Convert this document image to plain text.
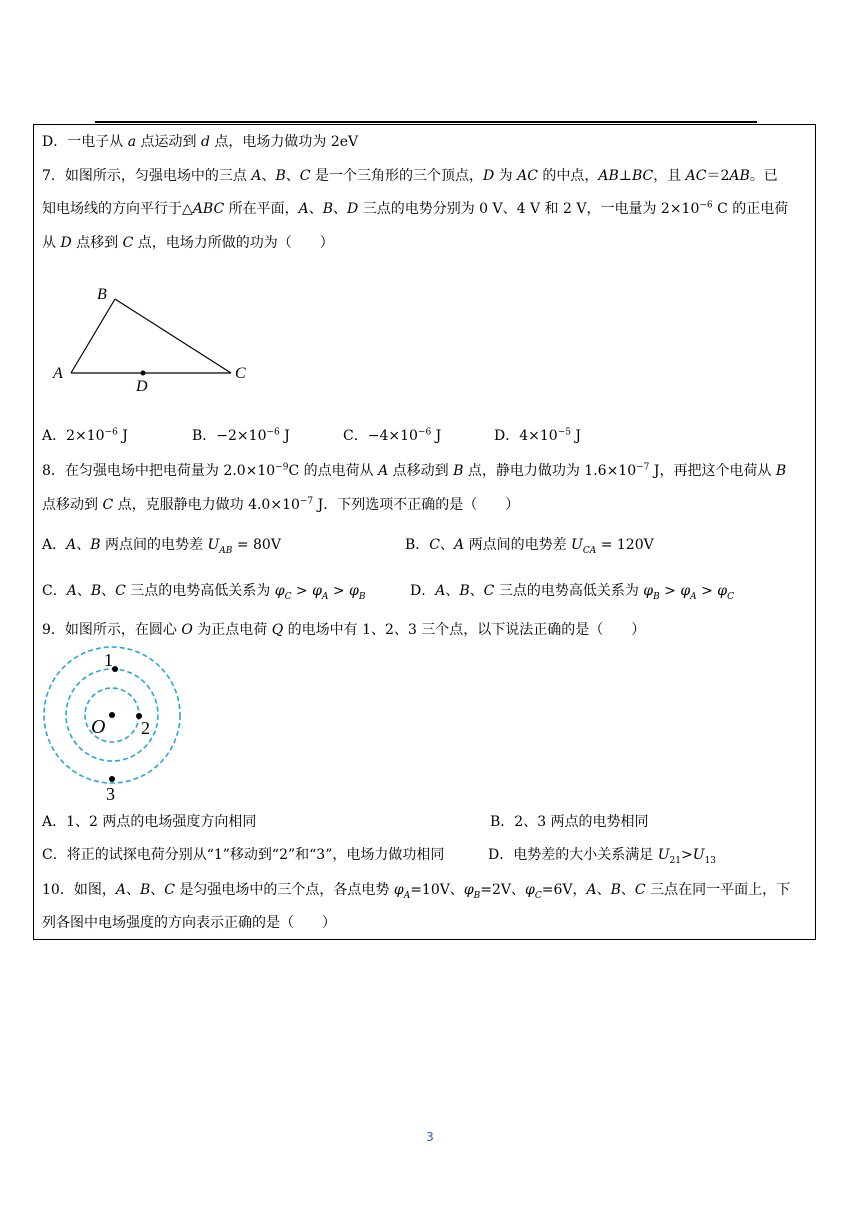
D．一电子从 a 点运动到 d 点，电场力做功为 2eV
7．如图所示，匀强电场中的三点 A、B、C 是一个三角形的三个顶点，D 为 AC 的中点，AB⊥BC，且 AC＝2AB。已
知电场线的方向平行于△ABC 所在平面，A、B、D 三点的电势分别为 0 V、4 V 和 2 V，一电量为 $2\times 10^{-6}$ C 的正电荷
从 D 点移到 C 点，电场力所做的功为（　　）
B
A	C
D
A．$2\times 10^{-6}$ J	B．$-2\times 10^{-6}$ J	C．$-4\times 10^{-6}$ J	D．$4\times 10^{-5}$ J
8．在匀强电场中把电荷量为 $2.0\times 10^{-9}C$ 的点电荷从 A 点移动到 B 点，静电力做功为 $1.6\times 10^{-7}$ J，再把这个电荷从 B
点移动到 C 点，克服静电力做功 $4.0\times 10^{-7}$ J．下列选项不正确的是（　　）
A．A、B 两点间的电势差 $U_{AB} = 80V$	B．C、A 两点间的电势差 $U_{CA} = 120V$
C．A、B、C 三点的电势高低关系为 $\varphi_C > \varphi_A > \varphi_B$	D．A、B、C 三点的电势高低关系为 $\varphi_B > \varphi_A > \varphi_C$
9．如图所示，在圆心 O 为正点电荷 Q 的电场中有 1、2、3 三个点，以下说法正确的是（　　）
1
O 2
3
A．1、2 两点的电场强度方向相同	B．2、3 两点的电势相同
C．将正的试探电荷分别从“1”移动到“2”和“3”，电场力做功相同	D．电势差的大小关系满足 $U_{21}>U_{13}$
10．如图，A、B、C 是匀强电场中的三个点，各点电势 $\varphi_A=10V$、$\varphi_B=2V$、$\varphi_C=6V$，A、B、C 三点在同一平面上，下
列各图中电场强度的方向表示正确的是（　　）
3
